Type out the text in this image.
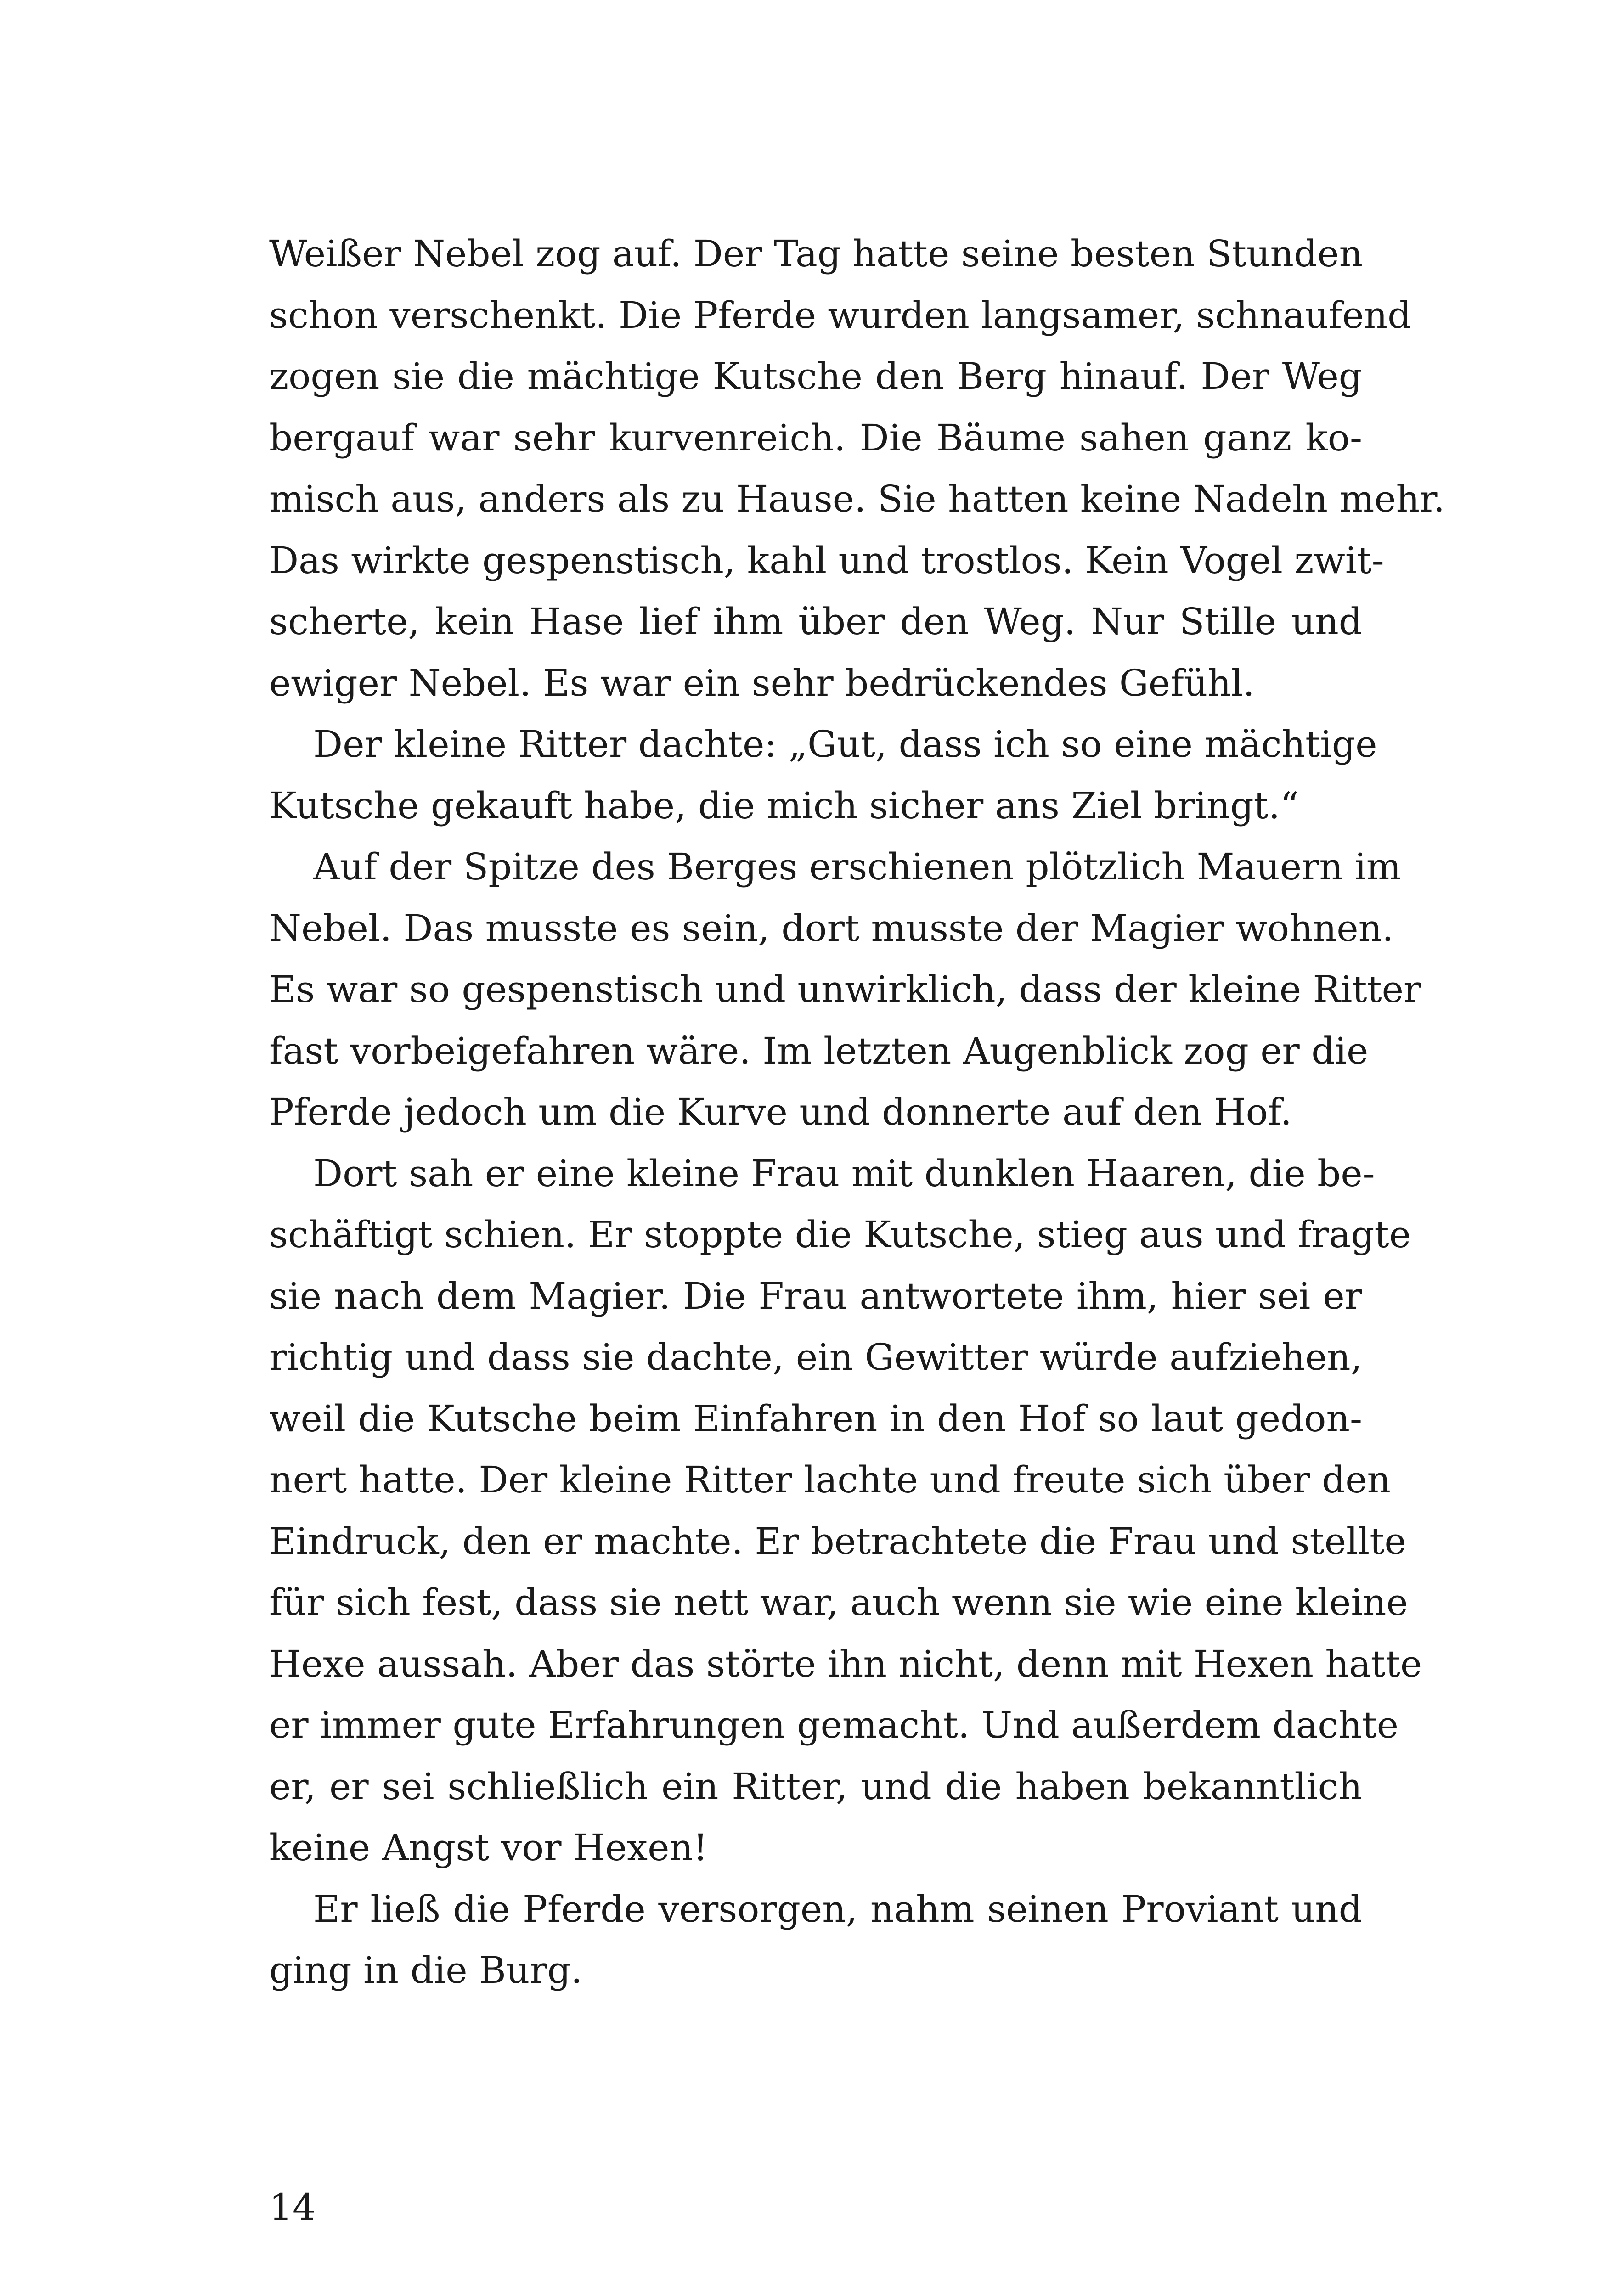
Weißer Nebel zog auf. Der Tag hatte seine besten Stunden
schon verschenkt. Die Pferde wurden langsamer, schnaufend
zogen sie die mächtige Kutsche den Berg hinauf. Der Weg
bergauf war sehr kurvenreich. Die Bäume sahen ganz ko-
misch aus, anders als zu Hause. Sie hatten keine Nadeln mehr.
Das wirkte gespenstisch, kahl und trostlos. Kein Vogel zwit-
scherte, kein Hase lief ihm über den Weg. Nur Stille und
ewiger Nebel. Es war ein sehr bedrückendes Gefühl.
Der kleine Ritter dachte: „Gut, dass ich so eine mächtige
Kutsche gekauft habe, die mich sicher ans Ziel bringt.“
Auf der Spitze des Berges erschienen plötzlich Mauern im
Nebel. Das musste es sein, dort musste der Magier wohnen.
Es war so gespenstisch und unwirklich, dass der kleine Ritter
fast vorbeigefahren wäre. Im letzten Augenblick zog er die
Pferde jedoch um die Kurve und donnerte auf den Hof.
Dort sah er eine kleine Frau mit dunklen Haaren, die be-
schäftigt schien. Er stoppte die Kutsche, stieg aus und fragte
sie nach dem Magier. Die Frau antwortete ihm, hier sei er
richtig und dass sie dachte, ein Gewitter würde aufziehen,
weil die Kutsche beim Einfahren in den Hof so laut gedon-
nert hatte. Der kleine Ritter lachte und freute sich über den
Eindruck, den er machte. Er betrachtete die Frau und stellte
für sich fest, dass sie nett war, auch wenn sie wie eine kleine
Hexe aussah. Aber das störte ihn nicht, denn mit Hexen hatte
er immer gute Erfahrungen gemacht. Und außerdem dachte
er, er sei schließlich ein Ritter, und die haben bekanntlich
keine Angst vor Hexen!
Er ließ die Pferde versorgen, nahm seinen Proviant und
ging in die Burg.
14
